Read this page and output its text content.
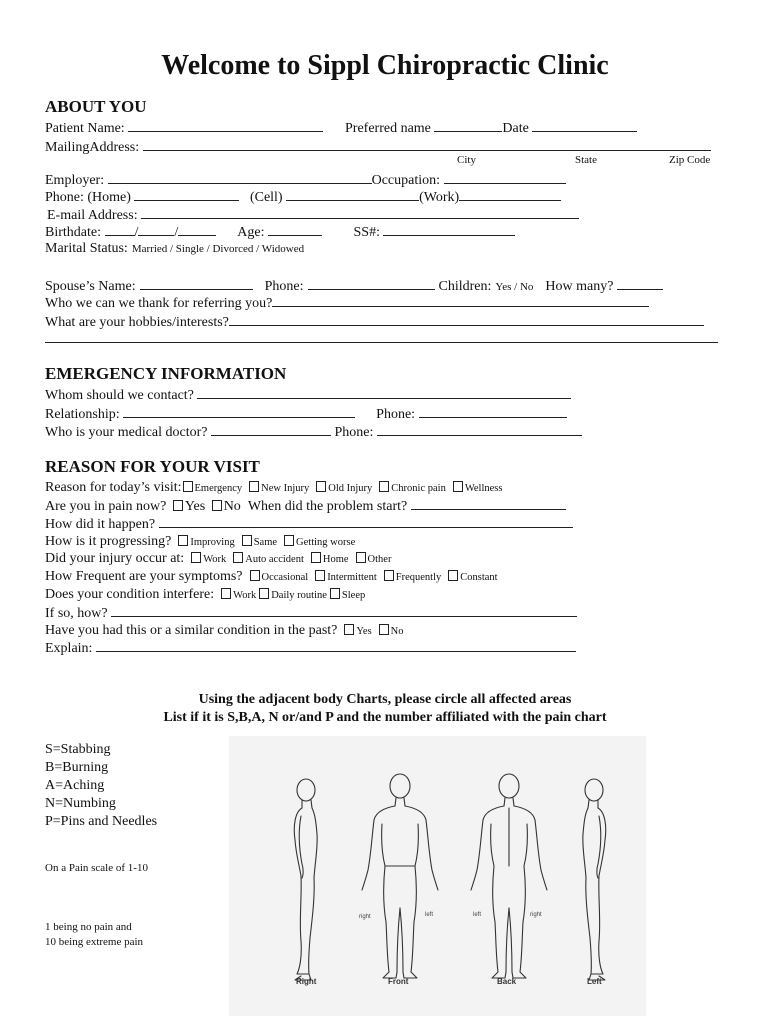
Welcome to Sippl Chiropractic Clinic
ABOUT YOU
Patient Name:	Preferred name	Date
MailingAddress:
City	State	Zip Code
Employer:	Occupation:
Phone: (Home)	(Cell)	(Work)
E-mail Address:
Birthdate: /	/	Age:	SS#:
Marital Status: Married / Single / Divorced / Widowed
Spouse’s Name:	Phone:	Children: Yes / No How many?
Who we can we thank for referring you?
What are your hobbies/interests?
EMERGENCY INFORMATION
Whom should we contact?
Relationship:	Phone:
Who is your medical doctor?	Phone:
REASON FOR YOUR VISIT
Reason for today’s visit: Emergency New Injury Old Injury Chronic pain Wellness
Are you in pain now? Yes No When did the problem start?
How did it happen?
How is it progressing? Improving Same Getting worse
Did your injury occur at: Work Auto accident Home Other
How Frequent are your symptoms? Occasional Intermittent Frequently Constant
Does your condition interfere: Work Daily routine Sleep
If so, how?
Have you had this or a similar condition in the past? Yes No
Explain:
Using the adjacent body Charts, please circle all affected areas
List if it is S,B,A, N or/and P and the number affiliated with the pain chart
S=Stabbing
B=Burning
A=Aching
N=Numbing
P=Pins and Needles
On a Pain scale of 1-10
1 being no pain and
10 being extreme pain
Right	Front	Back	Left
right	left	left	right
